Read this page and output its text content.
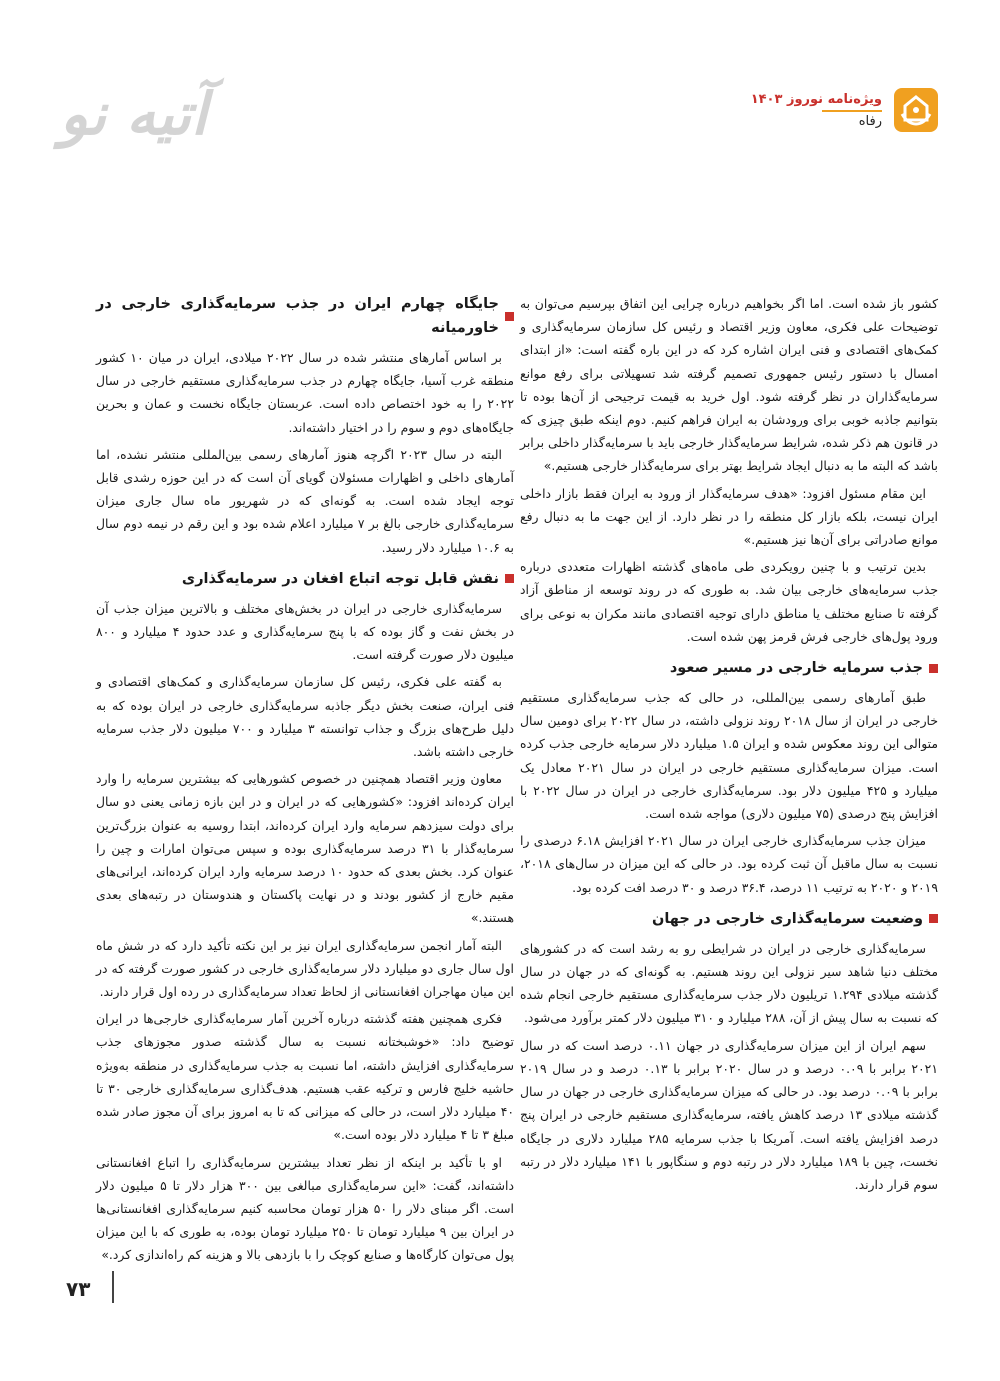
ویژه‌نامه نوروز ۱۴۰۳
رفاه
آتیه نو

کشور باز شده است. اما اگر بخواهیم درباره چرایی این اتفاق بپرسیم می‌توان به توضیحات علی فکری، معاون وزیر اقتصاد و رئیس کل سازمان سرمایه‌گذاری و کمک‌های اقتصادی و فنی ایران اشاره کرد که در این باره گفته است: «از ابتدای امسال با دستور رئیس جمهوری تصمیم گرفته شد تسهیلاتی برای رفع موانع سرمایه‌گذاران در نظر گرفته شود. اول خرید به قیمت ترجیحی از آن‌ها بوده تا بتوانیم جاذبه خوبی برای ورودشان به ایران فراهم کنیم. دوم اینکه طبق چیزی که در قانون هم ذکر شده، شرایط سرمایه‌گذار خارجی باید با سرمایه‌گذار داخلی برابر باشد که البته ما به دنبال ایجاد شرایط بهتر برای سرمایه‌گذار خارجی هستیم.»

این مقام مسئول افزود: «هدف سرمایه‌گذار از ورود به ایران فقط بازار داخلی ایران نیست، بلکه بازار کل منطقه را در نظر دارد. از این جهت ما به دنبال رفع موانع صادراتی برای آن‌ها نیز هستیم.»

بدین ترتیب و با چنین رویکردی طی ماه‌های گذشته اظهارات متعددی درباره جذب سرمایه‌های خارجی بیان شد. به طوری که در روند توسعه از مناطق آزاد گرفته تا صنایع مختلف یا مناطق دارای توجیه اقتصادی مانند مکران به نوعی برای ورود پول‌های خارجی فرش قرمز پهن شده است.

جذب سرمایه خارجی در مسیر صعود

طبق آمارهای رسمی بین‌المللی، در حالی که جذب سرمایه‌گذاری مستقیم خارجی در ایران از سال ۲۰۱۸ روند نزولی داشته، در سال ۲۰۲۲ برای دومین سال متوالی این روند معکوس شده و ایران ۱.۵ میلیارد دلار سرمایه خارجی جذب کرده است. میزان سرمایه‌گذاری مستقیم خارجی در ایران در سال ۲۰۲۱ معادل یک میلیارد و ۴۲۵ میلیون دلار بود. سرمایه‌گذاری خارجی در ایران در سال ۲۰۲۲ با افزایش پنج درصدی (۷۵ میلیون دلاری) مواجه شده است.

میزان جذب سرمایه‌گذاری خارجی ایران در سال ۲۰۲۱ افزایش ۶.۱۸ درصدی را نسبت به سال ماقبل آن ثبت کرده بود. در حالی که این میزان در سال‌های ۲۰۱۸، ۲۰۱۹ و ۲۰۲۰ به ترتیب ۱۱ درصد، ۳۶.۴ درصد و ۳۰ درصد افت کرده بود.

وضعیت سرمایه‌گذاری خارجی در جهان

سرمایه‌گذاری خارجی در ایران در شرایطی رو به رشد است که در کشورهای مختلف دنیا شاهد سیر نزولی این روند هستیم. به گونه‌ای که در جهان در سال گذشته میلادی ۱.۲۹۴ تریلیون دلار جذب سرمایه‌گذاری مستقیم خارجی انجام شده که نسبت به سال پیش از آن، ۲۸۸ میلیارد و ۳۱۰ میلیون دلار کمتر برآورد می‌شود.

سهم ایران از این میزان سرمایه‌گذاری در جهان ۰.۱۱ درصد است که در سال ۲۰۲۱ برابر با ۰.۰۹ درصد و در سال ۲۰۲۰ برابر با ۰.۱۳ درصد و در سال ۲۰۱۹ برابر با ۰.۰۹ درصد بود. در حالی که میزان سرمایه‌گذاری خارجی در جهان در سال گذشته میلادی ۱۳ درصد کاهش یافته، سرمایه‌گذاری مستقیم خارجی در ایران پنج درصد افزایش یافته است. آمریکا با جذب سرمایه ۲۸۵ میلیارد دلاری در جایگاه نخست، چین با ۱۸۹ میلیارد دلار در رتبه دوم و سنگاپور با ۱۴۱ میلیارد دلار در رتبه سوم قرار دارند.

جایگاه چهارم ایران در جذب سرمایه‌گذاری خارجی در خاورمیانه

بر اساس آمارهای منتشر شده در سال ۲۰۲۲ میلادی، ایران در میان ۱۰ کشور منطقه غرب آسیا، جایگاه چهارم در جذب سرمایه‌گذاری مستقیم خارجی در سال ۲۰۲۲ را به خود اختصاص داده است. عربستان جایگاه نخست و عمان و بحرین جایگاه‌های دوم و سوم را در اختیار داشته‌اند.

البته در سال ۲۰۲۳ اگرچه هنوز آمارهای رسمی بین‌المللی منتشر نشده، اما آمارهای داخلی و اظهارات مسئولان گویای آن است که در این حوزه رشدی قابل توجه ایجاد شده است. به گونه‌ای که در شهریور ماه سال جاری میزان سرمایه‌گذاری خارجی بالغ بر ۷ میلیارد اعلام شده بود و این رقم در نیمه دوم سال به ۱۰.۶ میلیارد دلار رسید.

نقش قابل توجه اتباع افغان در سرمایه‌گذاری

سرمایه‌گذاری خارجی در ایران در بخش‌های مختلف و بالاترین میزان جذب آن در بخش نفت و گاز بوده که با پنج سرمایه‌گذاری و عدد حدود ۴ میلیارد و ۸۰۰ میلیون دلار صورت گرفته است.

به گفته علی فکری، رئیس کل سازمان سرمایه‌گذاری و کمک‌های اقتصادی و فنی ایران، صنعت بخش دیگر جاذبه سرمایه‌گذاری خارجی در ایران بوده که به دلیل طرح‌های بزرگ و جذاب توانسته ۳ میلیارد و ۷۰۰ میلیون دلار جذب سرمایه خارجی داشته باشد.

معاون وزیر اقتصاد همچنین در خصوص کشورهایی که بیشترین سرمایه را وارد ایران کرده‌اند افزود: «کشورهایی که در ایران و در این بازه زمانی یعنی دو سال برای دولت سیزدهم سرمایه وارد ایران کرده‌اند، ابتدا روسیه به عنوان بزرگ‌ترین سرمایه‌گذار با ۳۱ درصد سرمایه‌گذاری بوده و سپس می‌توان امارات و چین را عنوان کرد. بخش بعدی که حدود ۱۰ درصد سرمایه وارد ایران کرده‌اند، ایرانی‌های مقیم خارج از کشور بودند و در نهایت پاکستان و هندوستان در رتبه‌های بعدی هستند.»

البته آمار انجمن سرمایه‌گذاری ایران نیز بر این نکته تأکید دارد که در شش ماه اول سال جاری دو میلیارد دلار سرمایه‌گذاری خارجی در کشور صورت گرفته که در این میان مهاجران افغانستانی از لحاظ تعداد سرمایه‌گذاری در رده اول قرار دارند.

فکری همچنین هفته گذشته درباره آخرین آمار سرمایه‌گذاری خارجی‌ها در ایران توضیح داد: «خوشبختانه نسبت به سال گذشته صدور مجوزهای جذب سرمایه‌گذاری افزایش داشته، اما نسبت به جذب سرمایه‌گذاری در منطقه به‌ویژه حاشیه خلیج فارس و ترکیه عقب هستیم. هدف‌گذاری سرمایه‌گذاری خارجی ۳۰ تا ۴۰ میلیارد دلار است، در حالی که میزانی که تا به امروز برای آن مجوز صادر شده مبلغ ۳ تا ۴ میلیارد دلار بوده است.»

او با تأکید بر اینکه از نظر تعداد بیشترین سرمایه‌گذاری را اتباع افغانستانی داشته‌اند، گفت: «این سرمایه‌گذاری مبالغی بین ۳۰۰ هزار دلار تا ۵ میلیون دلار است. اگر مبنای دلار را ۵۰ هزار تومان محاسبه کنیم سرمایه‌گذاری افغانستانی‌ها در ایران بین ۹ میلیارد تومان تا ۲۵۰ میلیارد تومان بوده، به طوری که با این میزان پول می‌توان کارگاه‌ها و صنایع کوچک را با بازدهی بالا و هزینه کم راه‌اندازی کرد.»

۷۳
